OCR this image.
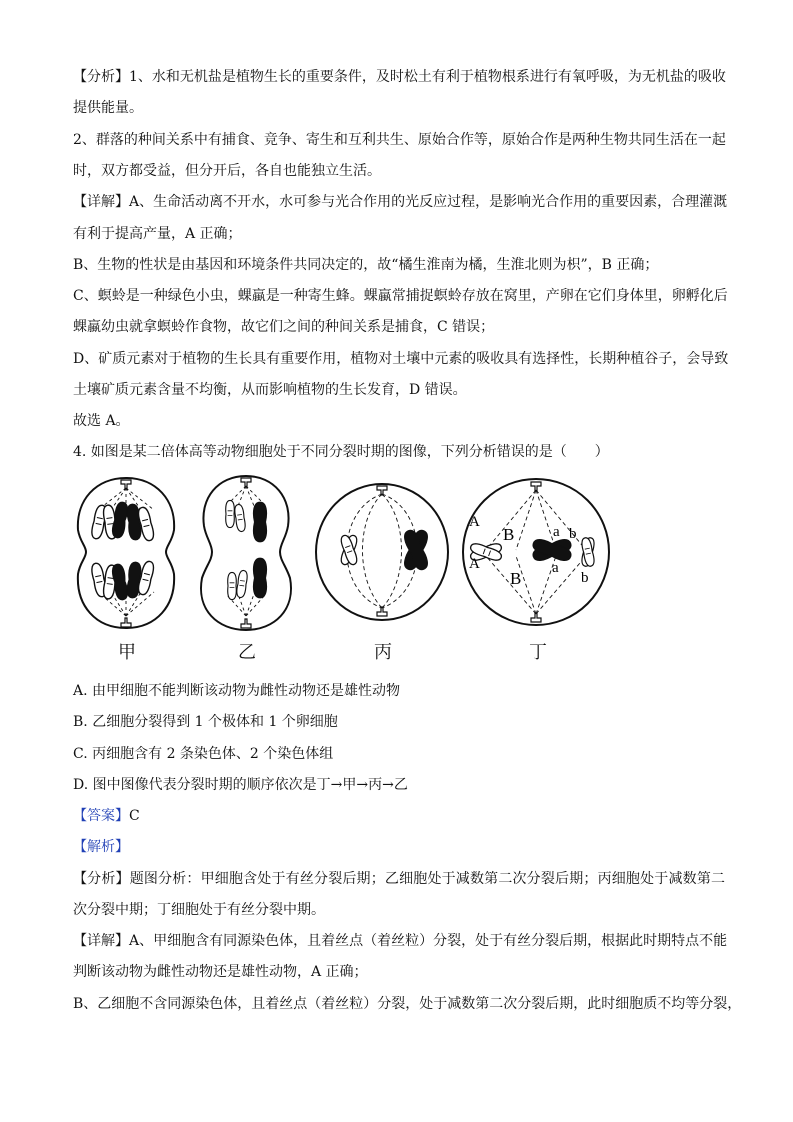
【分析】1、水和无机盐是植物生长的重要条件，及时松土有利于植物根系进行有氧呼吸，为无机盐的吸收
提供能量。
2、群落的种间关系中有捕食、竞争、寄生和互利共生、原始合作等，原始合作是两种生物共同生活在一起
时，双方都受益，但分开后，各自也能独立生活。
【详解】A、生命活动离不开水，水可参与光合作用的光反应过程，是影响光合作用的重要因素，合理灌溉
有利于提高产量，A 正确；
B、生物的性状是由基因和环境条件共同决定的，故“橘生淮南为橘，生淮北则为枳”，B 正确；
C、螟蛉是一种绿色小虫，蜾蠃是一种寄生蜂。蜾蠃常捕捉螟蛉存放在窝里，产卵在它们身体里，卵孵化后
蜾蠃幼虫就拿螟蛉作食物，故它们之间的种间关系是捕食，C 错误；
D、矿质元素对于植物的生长具有重要作用，植物对土壤中元素的吸收具有选择性，长期种植谷子，会导致
土壤矿质元素含量不均衡，从而影响植物的生长发育，D 错误。
故选 A。
4. 如图是某二倍体高等动物细胞处于不同分裂时期的图像，下列分析错误的是（　　）
A
A
B
B
a
a
b
b
甲	乙	丙	丁
A. 由甲细胞不能判断该动物为雌性动物还是雄性动物
B. 乙细胞分裂得到 1 个极体和 1 个卵细胞
C. 丙细胞含有 2 条染色体、2 个染色体组
D. 图中图像代表分裂时期的顺序依次是丁→甲→丙→乙
【答案】C
【解析】
【分析】题图分析：甲细胞含处于有丝分裂后期；乙细胞处于减数第二次分裂后期；丙细胞处于减数第二
次分裂中期；丁细胞处于有丝分裂中期。
【详解】A、甲细胞含有同源染色体，且着丝点（着丝粒）分裂，处于有丝分裂后期，根据此时期特点不能
判断该动物为雌性动物还是雄性动物，A 正确；
B、乙细胞不含同源染色体，且着丝点（着丝粒）分裂，处于减数第二次分裂后期，此时细胞质不均等分裂，
